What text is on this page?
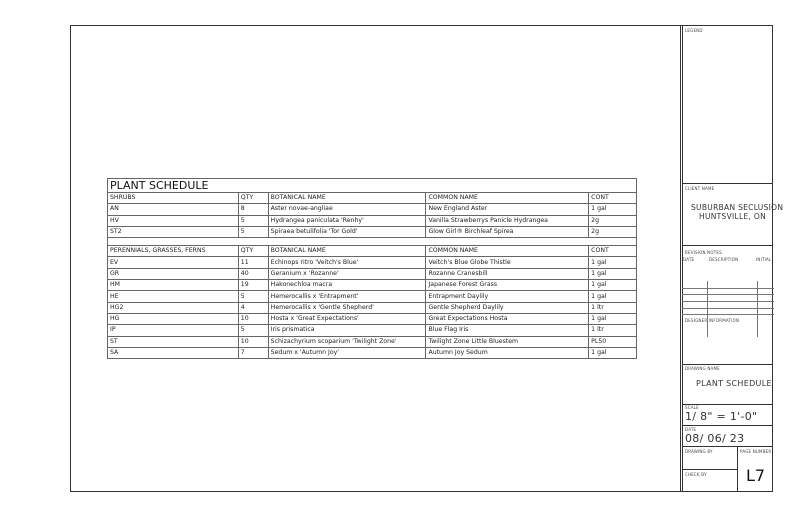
LEGEND
CLIENT NAME
SUBURBAN SECLUSION
HUNTSVILLE, ON
REVISION NOTES
DATE	DESCRIPTION	INITIAL
DESIGNER INFORMATION
DRAWING NAME
PLANT SCHEDULE
SCALE
1/ 8" = 1'-0"
DATE
08/ 06/ 23
DRAWING BY	PAGE NUMBER
CHECK BY L7
PLANT SCHEDULE				
SHRUBS	QTY	BOTANICAL NAME	COMMON NAME	CONT
AN	8	Aster novae-angliae	New England Aster	1 gal
HV	5	Hydrangea paniculata 'Renhy'	Vanilla Strawberrys Panicle Hydrangea	2g
ST2	5	Spiraea betulifolia 'Tor Gold'	Glow Girl® Birchleaf Spirea	2g

PERENNIALS, GRASSES, FERNS	QTY	BOTANICAL NAME	COMMON NAME	CONT
EV	11	Echinops ritro 'Veitch's Blue'	Veitch's Blue Globe Thistle	1 gal
GR	40	Geranium x 'Rozanne'	Rozanne Cranesbill	1 gal
HM	19	Hakonechloa macra	Japanese Forest Grass	1 gal
HE	5	Hemerocallis x 'Entrapment'	Entrapment Daylily	1 gal
HG2	4	Hemerocallis x 'Gentle Shepherd'	Gentle Shepherd Daylily	1 ltr
HG	10	Hosta x 'Great Expectations'	Great Expectations Hosta	1 gal
IP	5	Iris prismatica	Blue Flag Iris	1 ltr
ST	10	Schizachyrium scoparium 'Twilight Zone'	Twilight Zone Little Bluestem	PL50
SA	7	Sedum x 'Autumn Joy'	Autumn Joy Sedum	1 gal
